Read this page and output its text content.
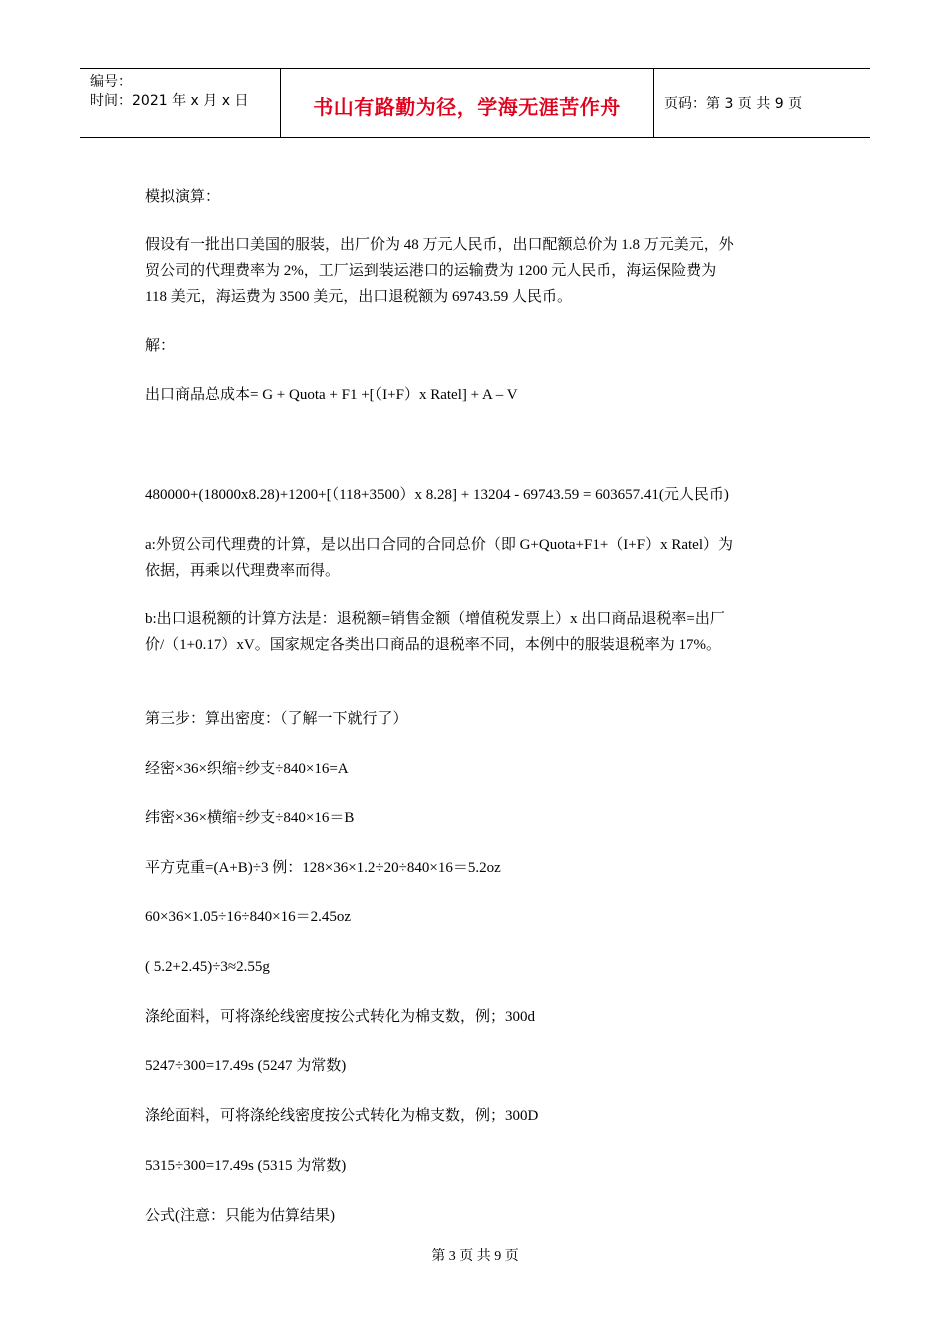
编号：
时间：2021 年 x 月 x 日	书山有路勤为径，学海无涯苦作舟	页码：第 3 页 共 9 页
模拟演算：
假设有一批出口美国的服装，出厂价为 48 万元人民币，出口配额总价为 1.8 万元美元，外
贸公司的代理费率为 2%，工厂运到装运港口的运输费为 1200 元人民币，海运保险费为
118 美元，海运费为 3500 美元，出口退税额为 69743.59 人民币。
解：
出口商品总成本= G + Quota + F1 +[（I+F）x Ratel] + A – V
480000+(18000x8.28)+1200+[（118+3500）x 8.28] + 13204 - 69743.59 = 603657.41(元人民币)
a:外贸公司代理费的计算，是以出口合同的合同总价（即 G+Quota+F1+（I+F）x Ratel）为
依据，再乘以代理费率而得。
b:出口退税额的计算方法是：退税额=销售金额（增值税发票上）x 出口商品退税率=出厂
价/（1+0.17）xV。国家规定各类出口商品的退税率不同，本例中的服装退税率为 17%。
第三步：算出密度：（了解一下就行了）
经密×36×织缩÷纱支÷840×16=A
纬密×36×横缩÷纱支÷840×16＝B
平方克重=(A+B)÷3 例：128×36×1.2÷20÷840×16＝5.2oz
60×36×1.05÷16÷840×16＝2.45oz
( 5.2+2.45)÷3≈2.55g
涤纶面料，可将涤纶线密度按公式转化为棉支数，例；300d
5247÷300=17.49s (5247 为常数)
涤纶面料，可将涤纶线密度按公式转化为棉支数，例；300D
5315÷300=17.49s (5315 为常数)
公式(注意：只能为估算结果)
第 3 页 共 9 页
